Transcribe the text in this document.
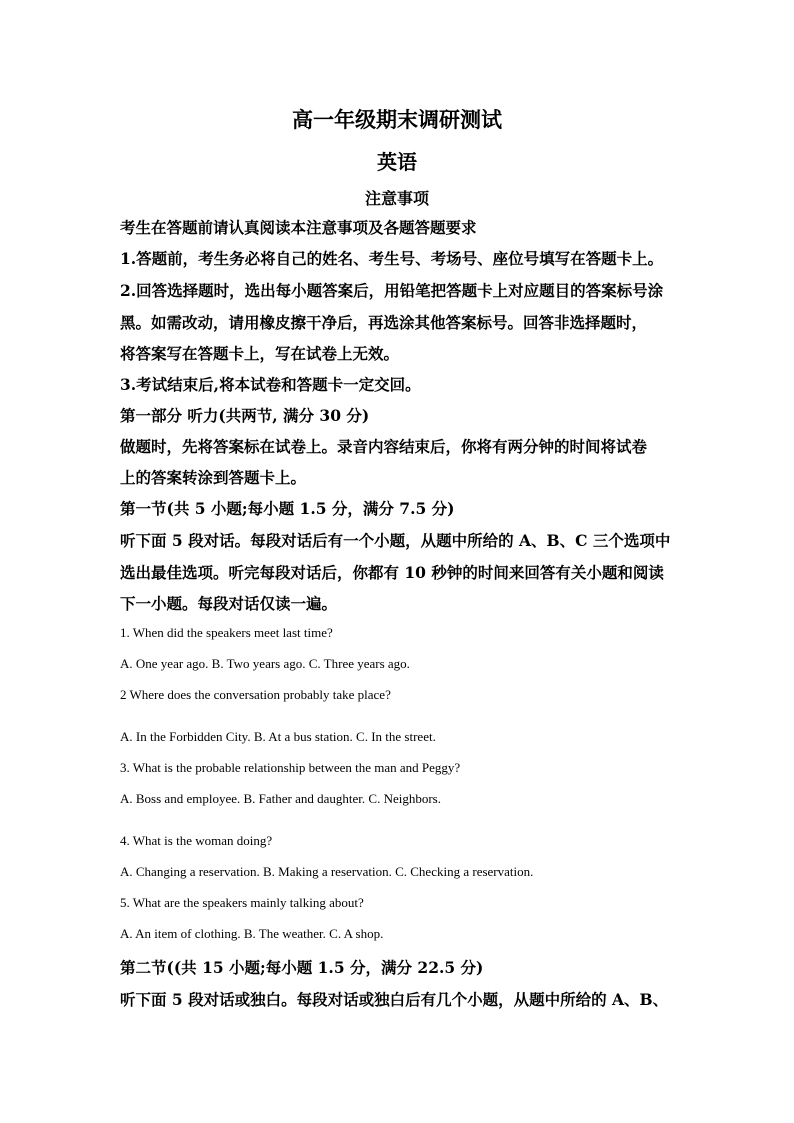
高一年级期末调研测试
英语
注意事项
考生在答题前请认真阅读本注意事项及各题答题要求
1.答题前，考生务必将自己的姓名、考生号、考场号、座位号填写在答题卡上。
2.回答选择题时，选出每小题答案后，用铅笔把答题卡上对应题目的答案标号涂
黑。如需改动，请用橡皮擦干净后，再选涂其他答案标号。回答非选择题时，
将答案写在答题卡上，写在试卷上无效。
3.考试结束后,将本试卷和答题卡一定交回。
第一部分 听力(共两节, 满分 30 分)
做题时，先将答案标在试卷上。录音内容结束后，你将有两分钟的时间将试卷
上的答案转涂到答题卡上。
第一节(共 5 小题;每小题 1.5 分，满分 7.5 分)
听下面 5 段对话。每段对话后有一个小题，从题中所给的 A、B、C 三个选项中
选出最佳选项。听完每段对话后，你都有 10 秒钟的时间来回答有关小题和阅读
下一小题。每段对话仅读一遍。
1. When did the speakers meet last time?
A. One year ago. B. Two years ago. C. Three years ago.
2 Where does the conversation probably take place?
A. In the Forbidden City. B. At a bus station. C. In the street.
3. What is the probable relationship between the man and Peggy?
A. Boss and employee. B. Father and daughter. C. Neighbors.
4. What is the woman doing?
A. Changing a reservation. B. Making a reservation. C. Checking a reservation.
5. What are the speakers mainly talking about?
A. An item of clothing. B. The weather. C. A shop.
第二节((共 15 小题;每小题 1.5 分，满分 22.5 分)
听下面 5 段对话或独白。每段对话或独白后有几个小题，从题中所给的 A、B、
